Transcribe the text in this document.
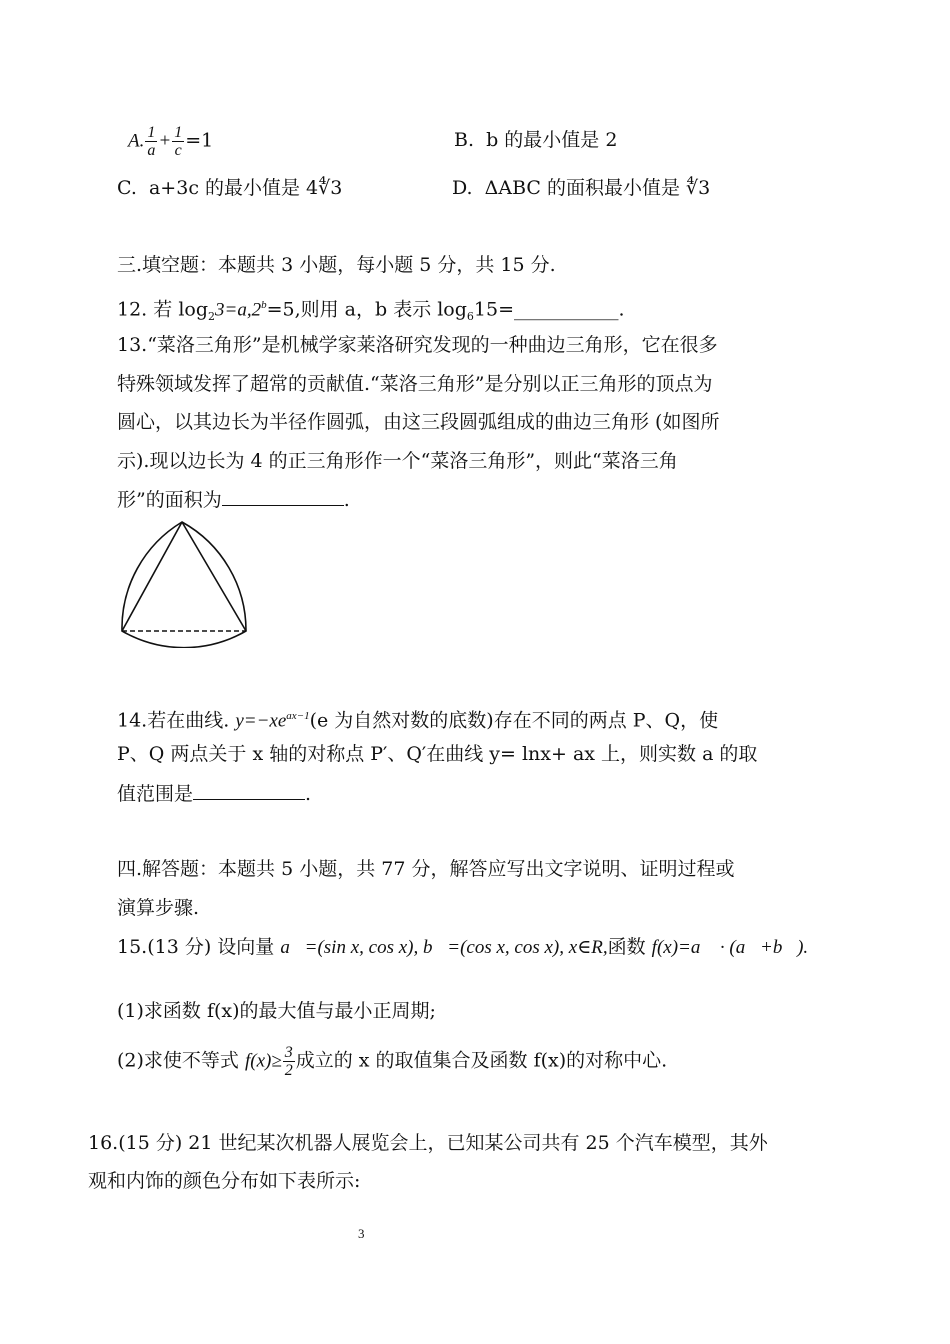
A. $\frac{1}{a} + \frac{1}{c} =1$	B.  b 的最小值是 2
C.  a+3c 的最小值是 4∜3	D.  ΔABC 的面积最小值是 ∜3
三.填空题：本题共 3 小题，每小题 5 分，共 15 分.
12. 若 $\log_23=a,2^b=5$,则用 a，b 表示 $\log_615=\_\_\_\_\_\_\_\_\_\_\_$.
13.“菜洛三角形”是机械学家莱洛研究发现的一种曲边三角形，它在很多
特殊领域发挥了超常的贡献值.“菜洛三角形”是分别以正三角形的顶点为
圆心，以其边长为半径作圆弧，由这三段圆弧组成的曲边三角形 (如图所
示).现以边长为 4 的正三角形作一个“菜洛三角形”，则此“菜洛三角
形”的面积为	.
14.若在曲线. $y=-xe^{ax-1}(e$ 为自然对数的底数)存在不同的两点 P、Q，使
P、Q 两点关于 x 轴的对称点 P′、Q′在曲线 y= lnx+ ax 上，则实数 a 的取
值范围是	.
四.解答题：本题共 5 小题，共 77 分，解答应写出文字说明、证明过程或
演算步骤.
15.(13 分) 设向量 a⃗=(sin x, cos x), b⃗=(cos x, cos x), x∈R,函数 f(x)=a⃗ · (a⃗+b⃗).
(1)求函数 f(x)的最大值与最小正周期;
(2)求使不等式 $f(x)\ge \frac{3}{2}$ 成立的 x 的取值集合及函数 f(x)的对称中心.
16.(15 分) 21 世纪某次机器人展览会上，已知某公司共有 25 个汽车模型，其外
观和内饰的颜色分布如下表所示:
3
